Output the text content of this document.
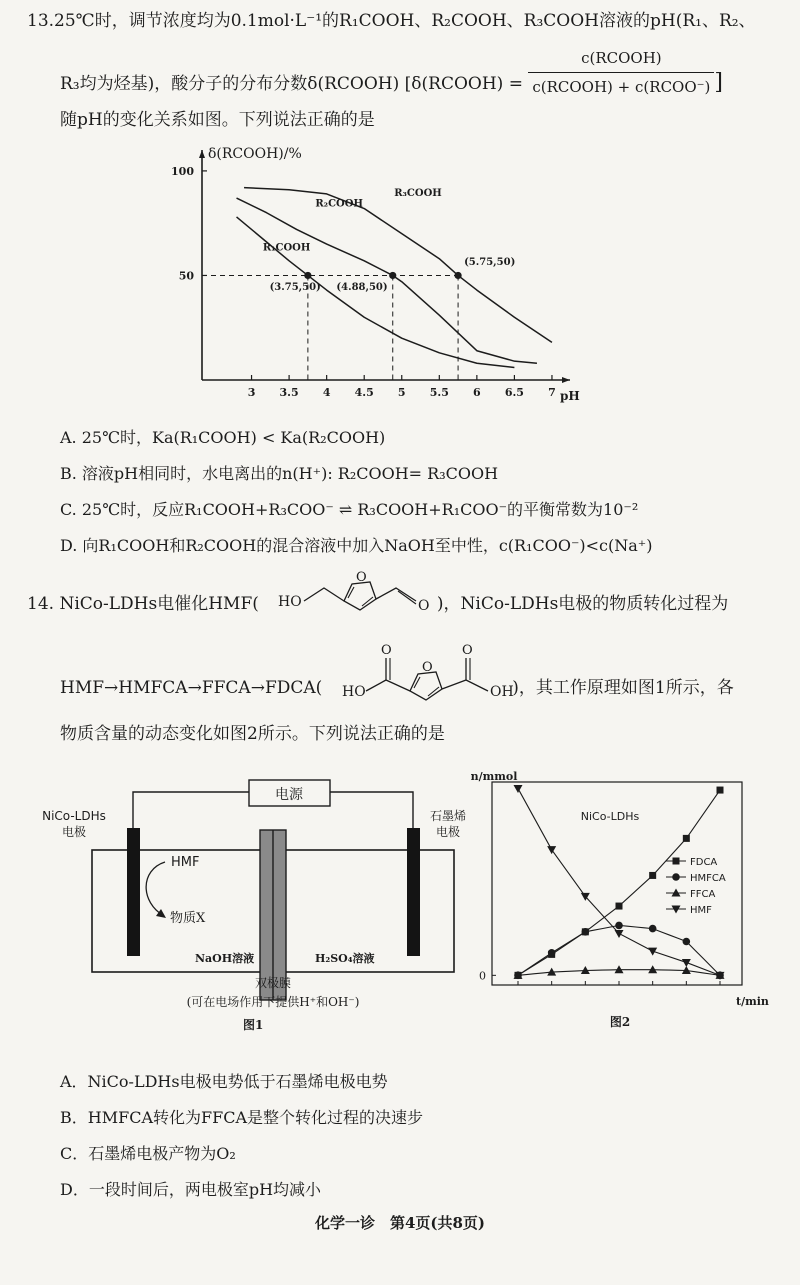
13.25℃时，调节浓度均为0.1mol·L⁻¹的R₁COOH、R₂COOH、R₃COOH溶液的pH(R₁、R₂、
R₃均为烃基)，酸分子的分布分数δ(RCOOH) [δ(RCOOH) = $\frac{\text{c(RCOOH)}}{\text{c(RCOOH) + c(RCOO⁻)}}$ ]
随pH的变化关系如图。下列说法正确的是
δ(RCOOH)/%
pH
100
50
3 3.5 4 4.5 5 5.5 6 6.5 7
R₁COOH
R₂COOH
R₃COOH
(3.75,50) (4.88,50)
(5.75,50)
A. 25℃时，Ka(R₁COOH) < Ka(R₂COOH)
B. 溶液pH相同时，水电离出的n(H⁺): R₂COOH= R₃COOH
C. 25℃时，反应R₁COOH+R₃COO⁻ ⇌ R₃COOH+R₁COO⁻的平衡常数为10⁻²
D. 向R₁COOH和R₂COOH的混合溶液中加入NaOH至中性，c(R₁COO⁻)<c(Na⁺)
14. NiCo-LDHs电催化HMF(	)，NiCo-LDHs电极的物质转化过程为
HO
O
O
HMF→HMFCA→FFCA→FDCA(	)，其工作原理如图1所示，各
HO
O
O
O
OH
物质含量的动态变化如图2所示。下列说法正确的是
电源
NiCo-LDHs
电极
石墨烯
电极
HMF
物质X
NaOH溶液	H₂SO₄溶液
双极膜
(可在电场作用下提供H⁺和OH⁻)
图1
n/mmol
t/min
0
NiCo-LDHs
图2
FDCA
HMFCA
FFCA
HMF
A．NiCo-LDHs电极电势低于石墨烯电极电势
B．HMFCA转化为FFCA是整个转化过程的决速步
C．石墨烯电极产物为O₂
D．一段时间后，两电极室pH均减小
化学一诊　第4页(共8页)
